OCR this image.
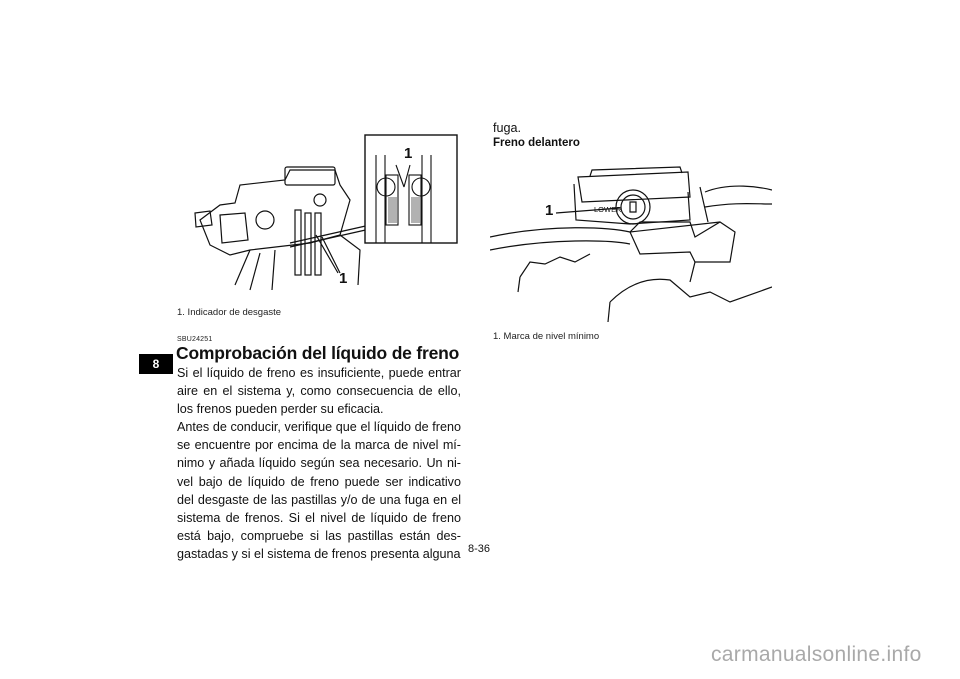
8
1
1
1. Indicador de desgaste
SBU24251
Comprobación del líquido de freno

Si el líquido de freno es insuficiente, puede entrar aire en el sistema y, como consecuencia de ello, los frenos pueden perder su eficacia.

Antes de conducir, verifique que el líquido de freno se encuentre por encima de la marca de nivel mí-nimo y añada líquido según sea necesario. Un ni-vel bajo de líquido de freno puede ser indicativo del desgaste de las pastillas y/o de una fuga en el sistema de frenos. Si el nivel de líquido de freno está bajo, compruebe si las pastillas están des-gastadas y si el sistema de frenos presenta alguna

fuga.
Freno delantero
LOWER
1
1. Marca de nivel mínimo
8-36
carmanualsonline.info
